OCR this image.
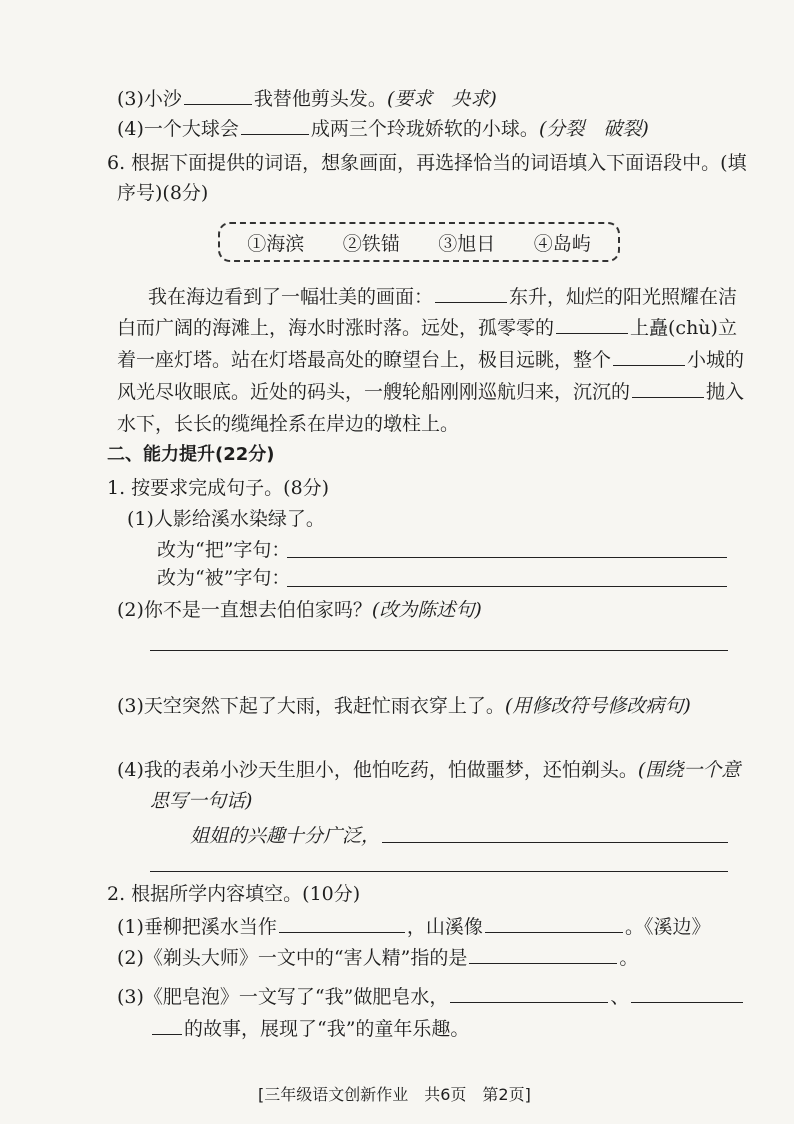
(3)小沙	我替他剪头发。(要求　央求)
(4)一个大球会	成两三个玲珑娇软的小球。(分裂　破裂)
6. 根据下面提供的词语，想象画面，再选择恰当的词语填入下面语段中。(填
序号)(8分)
①海滨 ②铁锚 ③旭日 ④岛屿
我在海边看到了一幅壮美的画面：	东升，灿烂的阳光照耀在洁
白而广阔的海滩上，海水时涨时落。远处，孤零零的	上矗(chù)立
着一座灯塔。站在灯塔最高处的瞭望台上，极目远眺，整个	小城的
风光尽收眼底。近处的码头，一艘轮船刚刚巡航归来，沉沉的	抛入
水下，长长的缆绳拴系在岸边的墩柱上。
二、能力提升(22分)
1. 按要求完成句子。(8分)
(1)人影给溪水染绿了。
改为“把”字句：
改为“被”字句：
(2)你不是一直想去伯伯家吗？(改为陈述句)
(3)天空突然下起了大雨，我赶忙雨衣穿上了。(用修改符号修改病句)
(4)我的表弟小沙天生胆小，他怕吃药，怕做噩梦，还怕剃头。(围绕一个意
思写一句话)
姐姐的兴趣十分广泛，
2. 根据所学内容填空。(10分)
(1)垂柳把溪水当作	，山溪像	。《溪边》
(2)《剃头大师》一文中的“害人精”指的是	。
(3)《肥皂泡》一文写了“我”做肥皂水，	、
的故事，展现了“我”的童年乐趣。
[三年级语文创新作业　共6页　第2页]
